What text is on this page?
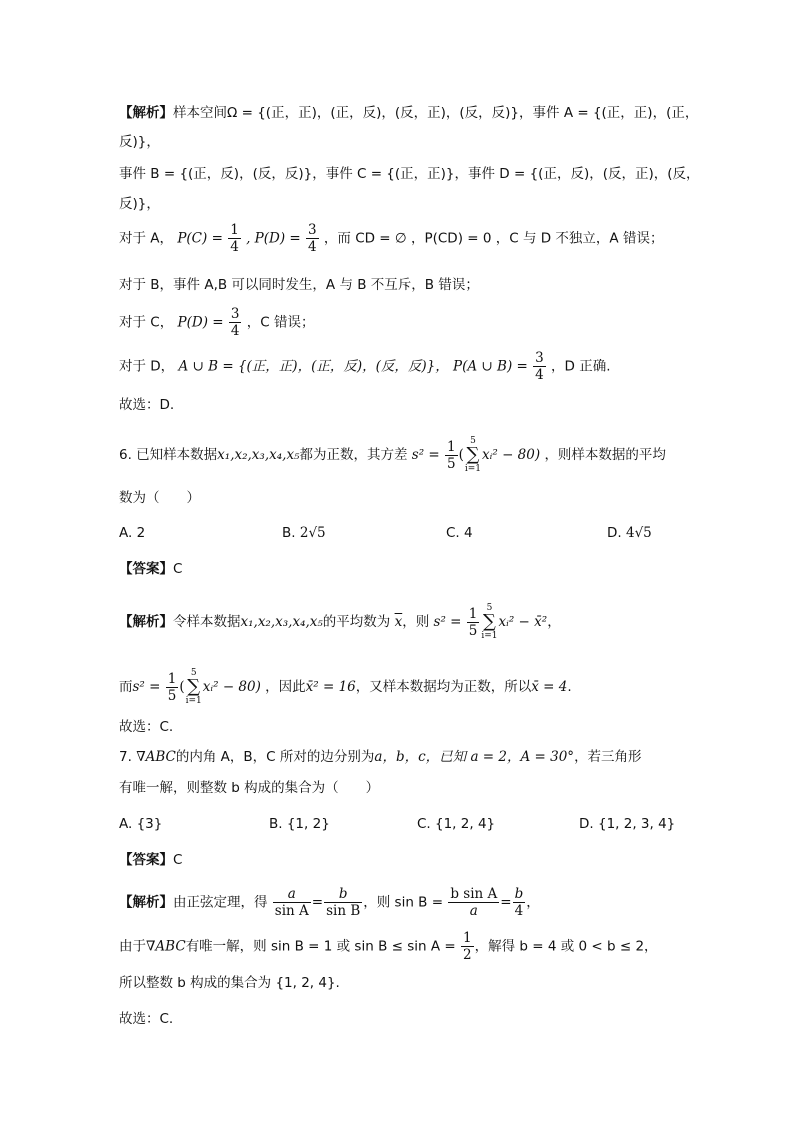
【解析】样本空间Ω = {(正，正)，(正，反)，(反，正)，(反，反)}，事件 A = {(正，正)，(正，
反)}，
事件 B = {(正，反)，(反，反)}，事件 C = {(正，正)}，事件 D = {(正，反)，(反，正)，(反，
反)}，
对于 A， $P(C) = \frac{1}{4}$ , $P(D) = \frac{3}{4}$ ，而 CD = ∅ ，P(CD) = 0 ，C 与 D 不独立，A 错误；
对于 B，事件 A,B 可以同时发生，A 与 B 不互斥，B 错误；
对于 C， $P(D) = \frac{3}{4}$ ，C 错误；
对于 D， A ∪ B = {(正，正)，(正，反)，(反，反)}， P(A ∪ $B) = \frac{3}{4}$ ，D 正确.
故选：D.
6. 已知样本数据x₁,x₂,x₃,x₄,x₅都为正数，其方差 $s^2 = \frac{1}{5}$ (
5
∑
i=1
xᵢ² − 80) ，则样本数据的平均
数为（　　）
A. 2	B. 2√5	C. 4	D. 4√5
【答案】C
【解析】令样本数据x₁,x₂,x₃,x₄,x₅的平均数为 $\overline{x}$，则 $s^2 = \frac{1}{5} 5$
∑
i=1
xᵢ² − x̄²，
而$s^2 = \frac{1}{5}$ (
5
∑
i=1
xᵢ² − 80) ，因此x̄² = 16，又样本数据均为正数，所以x̄ = 4.
故选：C.
7. ∇ABC的内角 A，B，C 所对的边分别为a，b，c，已知 a = 2，A = 30°，若三角形
有唯一解，则整数 b 构成的集合为（　　）
A. {3}	B. {1, 2}	C. {1, 2, 4}	D. {1, 2, 3, 4}
【答案】C
【解析】由正弦定理，得 $\frac{a}{\text{sin A}} = \frac{b}{\text{sin B}}$ ，则 $\sin B = \frac{\text{b sin A}}{a} = \frac{b}{4}$ ，
由于∇ABC有唯一解，则 sin B = 1 或 $\sin B \le \sin A = \frac{1}{2}$ ，解得 b = 4 或 0 < b ≤ 2，
所以整数 b 构成的集合为 {1, 2, 4}.
故选：C.
